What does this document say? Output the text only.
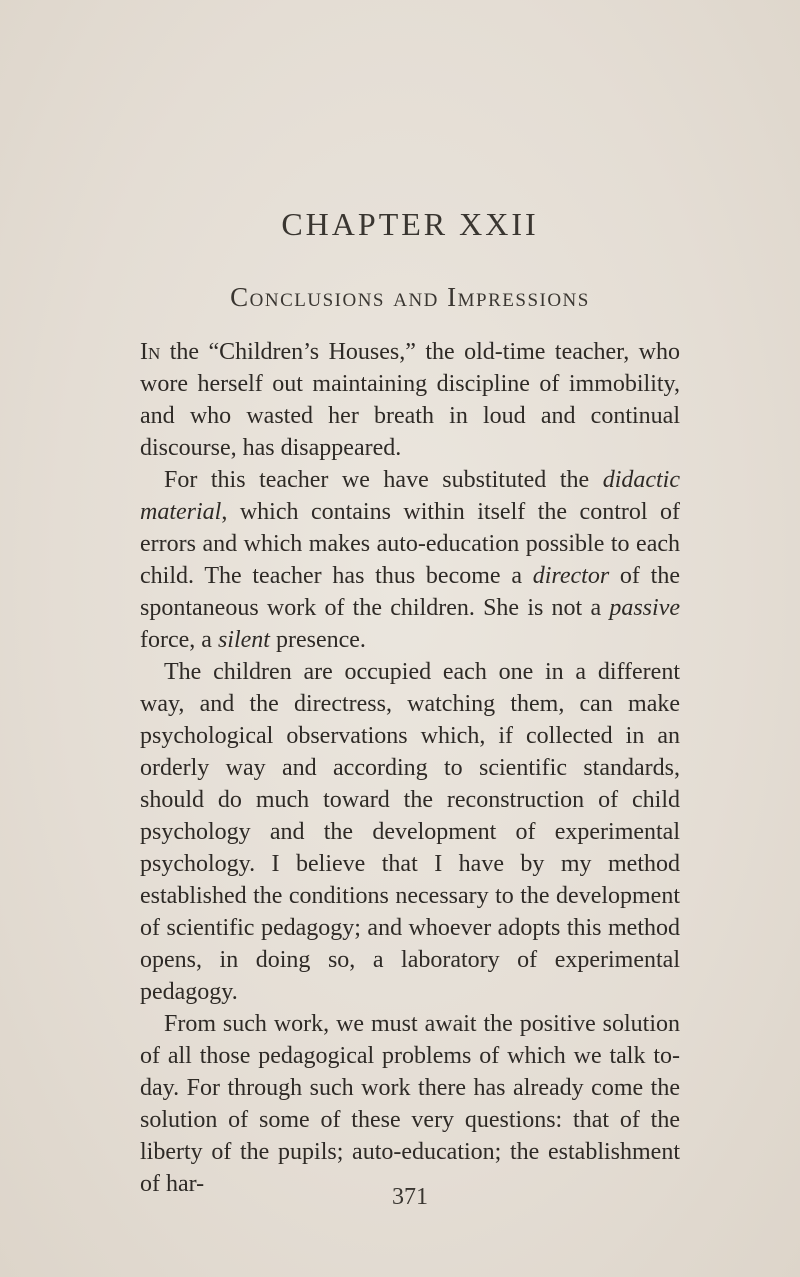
CHAPTER XXII
Conclusions and Impressions

In the “Children’s Houses,” the old-time teacher, who wore herself out maintaining discipline of immobility, and who wasted her breath in loud and continual discourse, has disappeared.

For this teacher we have substituted the didactic material, which contains within itself the control of errors and which makes auto-education possible to each child. The teacher has thus become a director of the spontaneous work of the children. She is not a passive force, a silent presence.

The children are occupied each one in a different way, and the directress, watching them, can make psychological observations which, if collected in an orderly way and according to scientific standards, should do much toward the reconstruction of child psychology and the development of experimental psychology. I believe that I have by my method established the conditions necessary to the development of scientific pedagogy; and whoever adopts this method opens, in doing so, a laboratory of experimental pedagogy.

From such work, we must await the positive solution of all those pedagogical problems of which we talk to-day. For through such work there has already come the solution of some of these very questions: that of the liberty of the pupils; auto-education; the establishment of har-	371
